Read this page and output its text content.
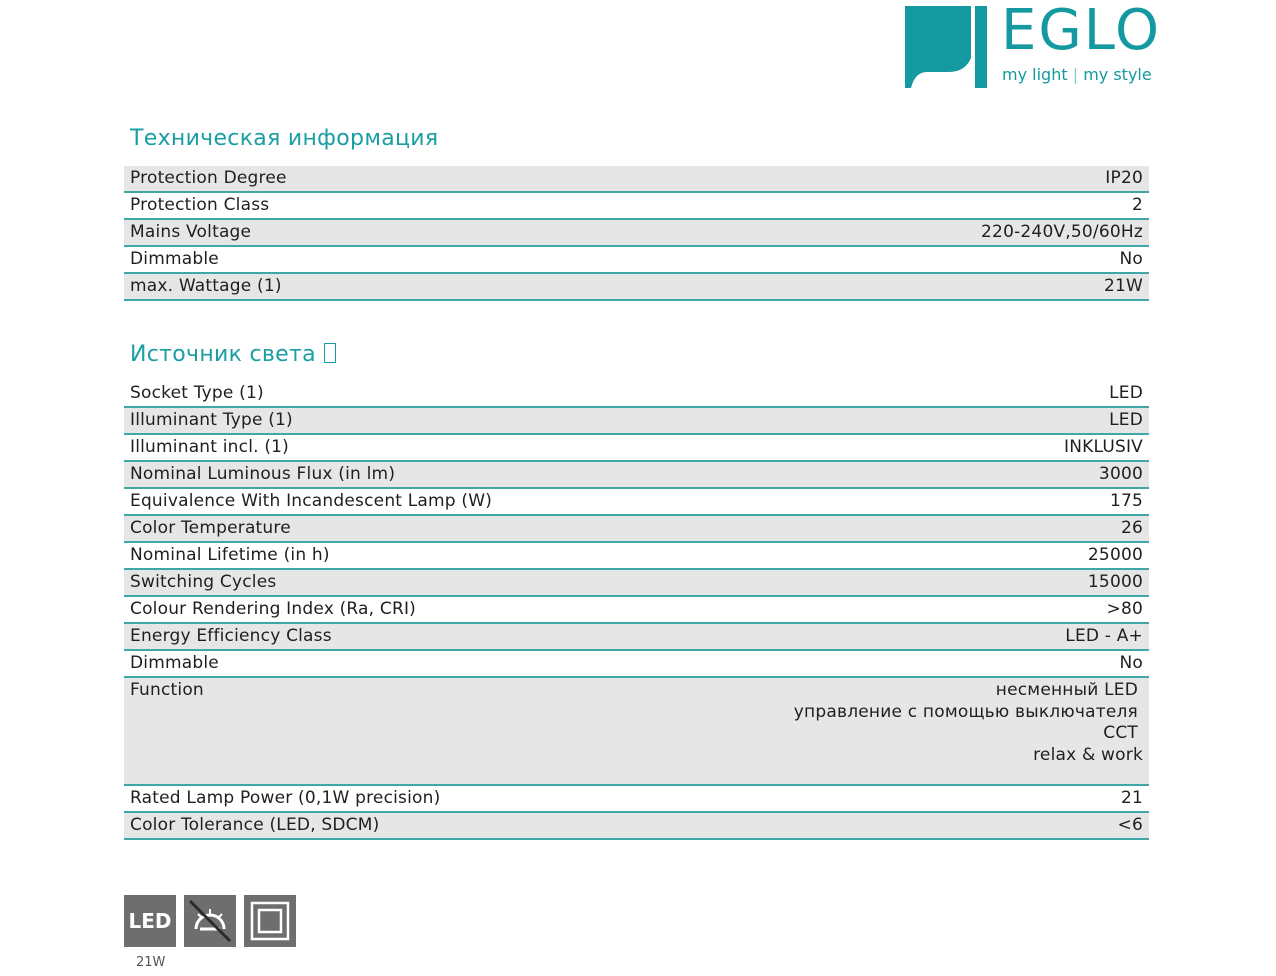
EGLO
my light | my style
Техническая информация
Protection Degree	IP20
Protection Class	2
Mains Voltage	220-240V,50/60Hz
Dimmable	No
max. Wattage (1)	21W
Источник света
Socket Type (1)	LED
Illuminant Type (1)	LED
Illuminant incl. (1)	INKLUSIV
Nominal Luminous Flux (in lm)	3000
Equivalence With Incandescent Lamp (W)	175
Color Temperature	26
Nominal Lifetime (in h)	25000
Switching Cycles	15000
Colour Rendering Index (Ra, CRI)	>80
Energy Efficiency Class	LED - A+
Dimmable	No
Function	несменный LED
управление с помощью выключателя
CCT
relax & work
Rated Lamp Power (0,1W precision)	21
Color Tolerance (LED, SDCM)	<6
LED
21W
